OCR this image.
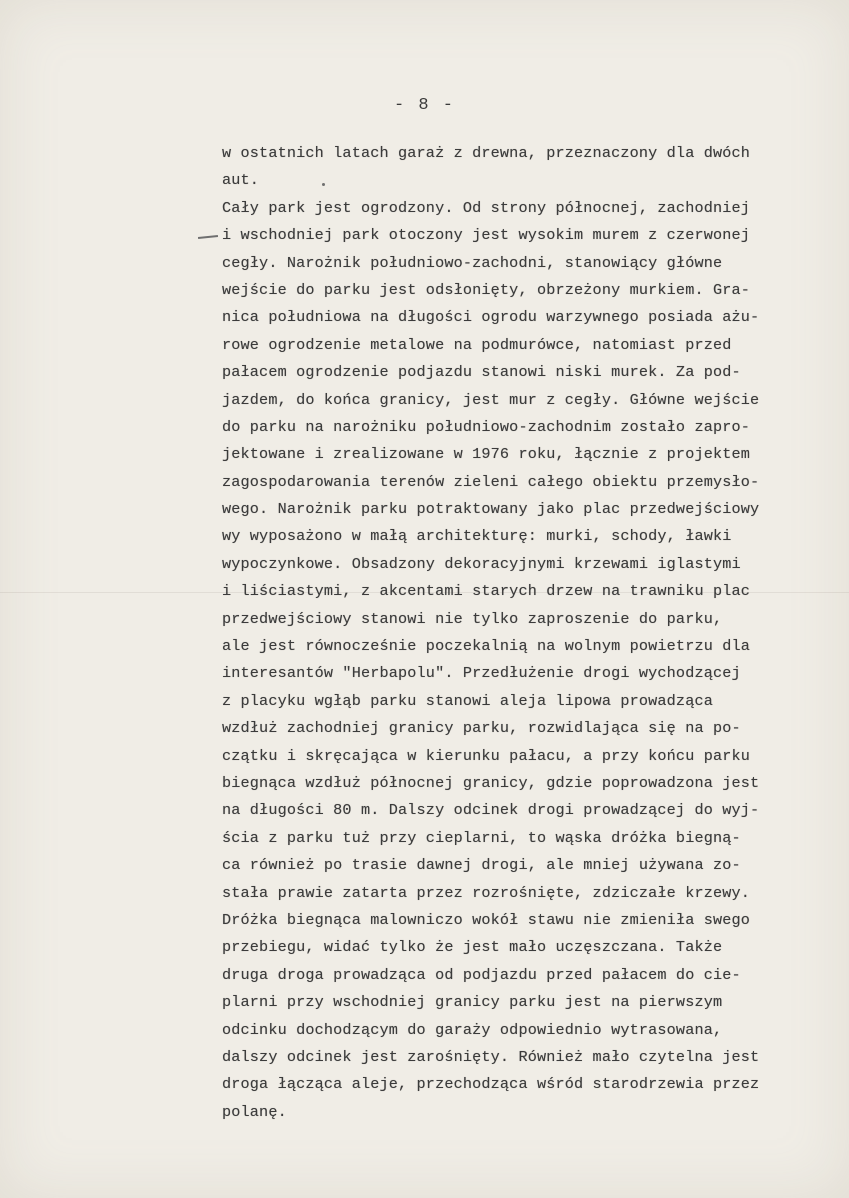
- 8 -
w ostatnich latach garaż z drewna, przeznaczony dla dwóch
aut.
Cały park jest ogrodzony. Od strony północnej, zachodniej
i wschodniej park otoczony jest wysokim murem z czerwonej
cegły. Narożnik południowo-zachodni, stanowiący główne
wejście do parku jest odsłonięty, obrzeżony murkiem. Gra-
nica południowa na długości ogrodu warzywnego posiada ażu-
rowe ogrodzenie metalowe na podmurówce, natomiast przed
pałacem ogrodzenie podjazdu stanowi niski murek. Za pod-
jazdem, do końca granicy, jest mur z cegły. Główne wejście
do parku na narożniku południowo-zachodnim zostało zapro-
jektowane i zrealizowane w 1976 roku, łącznie z projektem
zagospodarowania terenów zieleni całego obiektu przemysło-
wego. Narożnik parku potraktowany jako plac przedwejściowy
wy wyposażono w małą architekturę: murki, schody, ławki
wypoczynkowe. Obsadzony dekoracyjnymi krzewami iglastymi
i liściastymi, z akcentami starych drzew na trawniku plac
przedwejściowy stanowi nie tylko zaproszenie do parku,
ale jest równocześnie poczekalnią na wolnym powietrzu dla
interesantów "Herbapolu". Przedłużenie drogi wychodzącej
z placyku wgłąb parku stanowi aleja lipowa prowadząca
wzdłuż zachodniej granicy parku, rozwidlająca się na po-
czątku i skręcająca w kierunku pałacu, a przy końcu parku
biegnąca wzdłuż północnej granicy, gdzie poprowadzona jest
na długości 80 m. Dalszy odcinek drogi prowadzącej do wyj-
ścia z parku tuż przy cieplarni, to wąska dróżka biegną-
ca również po trasie dawnej drogi, ale mniej używana zo-
stała prawie zatarta przez rozrośnięte, zdziczałe krzewy.
Dróżka biegnąca malowniczo wokół stawu nie zmieniła swego
przebiegu, widać tylko że jest mało uczęszczana. Także
druga droga prowadząca od podjazdu przed pałacem do cie-
plarni przy wschodniej granicy parku jest na pierwszym
odcinku dochodzącym do garaży odpowiednio wytrasowana,
dalszy odcinek jest zarośnięty. Również mało czytelna jest
droga łącząca aleje, przechodząca wśród starodrzewia przez
polanę.
